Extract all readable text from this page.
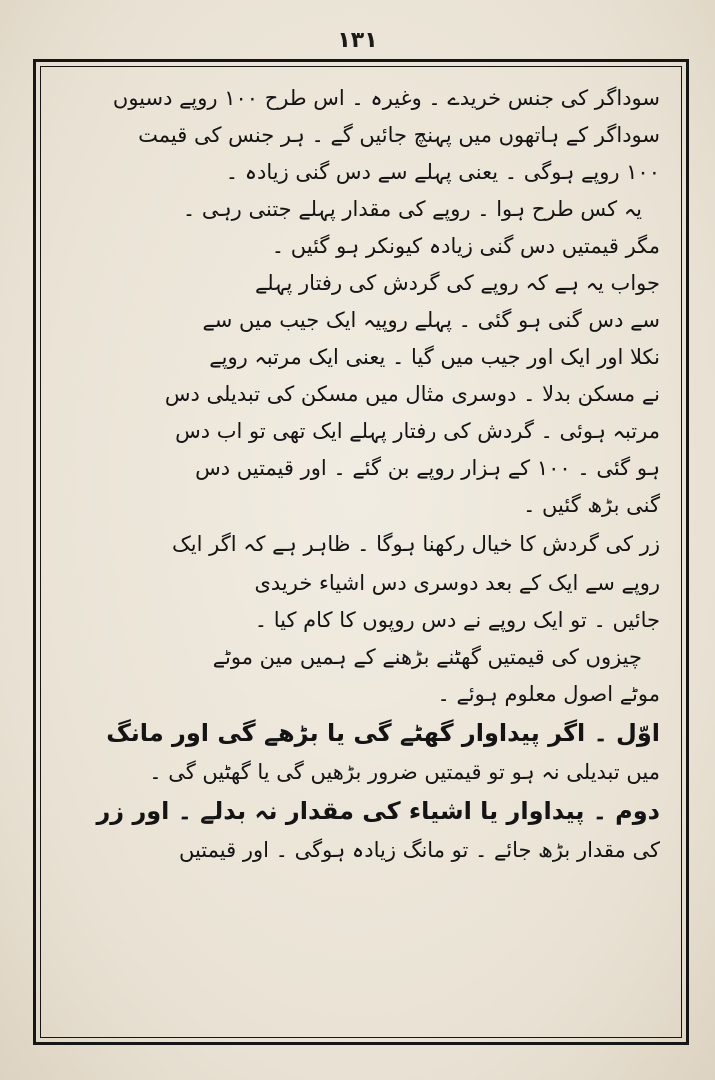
۱۳۱
سوداگر کی جنس خریدے ۔ وغیرہ ۔ اس طرح ۱۰۰ روپے دسیوں
سوداگر کے ہاتھوں میں پہنچ جائیں گے ۔ ہر جنس کی قیمت
۱۰۰ روپے ہوگی ۔ یعنی پہلے سے دس گنی زیادہ ۔
یہ کس طرح ہوا ۔ روپے کی مقدار پہلے جتنی رہی ۔
مگر قیمتیں دس گنی زیادہ کیونکر ہو گئیں ۔
جواب یہ ہے کہ روپے کی گردش کی رفتار پہلے
سے دس گنی ہو گئی ۔ پہلے روپیہ ایک جیب میں سے
نکلا اور ایک اور جیب میں گیا ۔ یعنی ایک مرتبہ روپے
نے مسکن بدلا ۔ دوسری مثال میں مسکن کی تبدیلی دس
مرتبہ ہوئی ۔ گردش کی رفتار پہلے ایک تھی تو اب دس
ہو گئی ۔ ۱۰۰ کے ہزار روپے بن گئے ۔ اور قیمتیں دس
گنی بڑھ گئیں ۔
زر کی گردش کا خیال رکھنا ہوگا ۔ ظاہر ہے کہ اگر ایک
روپے سے ایک کے بعد دوسری دس اشیاء خریدی
جائیں ۔ تو ایک روپے نے دس روپوں کا کام کیا ۔
چیزوں کی قیمتیں گھٹنے بڑھنے کے ہمیں مین موٹے
موٹے اصول معلوم ہوئے ۔
اوّل ۔ اگر پیداوار گھٹے گی یا بڑھے گی اور مانگ
میں تبدیلی نہ ہو تو قیمتیں ضرور بڑھیں گی یا گھٹیں گی ۔
دوم ۔ پیداوار یا اشیاء کی مقدار نہ بدلے ۔ اور زر
کی مقدار بڑھ جائے ۔ تو مانگ زیادہ ہوگی ۔ اور قیمتیں
